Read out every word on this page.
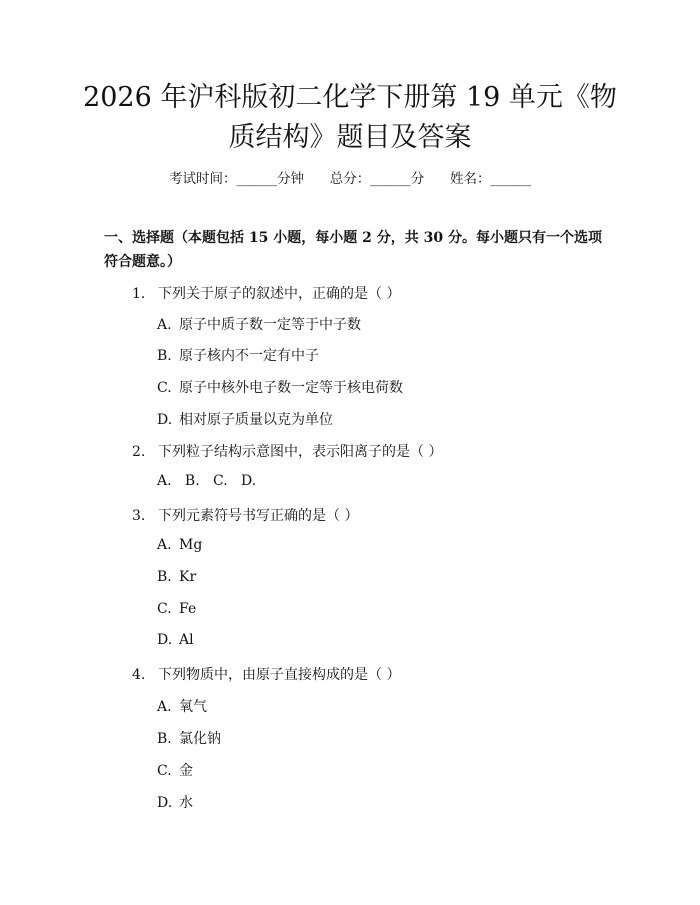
2026 年沪科版初二化学下册第 19 单元《物
质结构》题目及答案
考试时间：______分钟      总分：______分      姓名：______

一、选择题（本题包括 15 小题，每小题 2 分，共 30 分。每小题只有一个选项符合题意。）

1. 下列关于原子的叙述中，正确的是（ ）
A. 原子中质子数一定等于中子数
B. 原子核内不一定有中子
C. 原子中核外电子数一定等于核电荷数
D. 相对原子质量以克为单位
2. 下列粒子结构示意图中，表示阳离子的是（ ）
A.   B.   C.   D.
3. 下列元素符号书写正确的是（ ）
A. Mg
B. Kr
C. Fe
D. Al
4. 下列物质中，由原子直接构成的是（ ）
A. 氧气
B. 氯化钠
C. 金
D. 水
